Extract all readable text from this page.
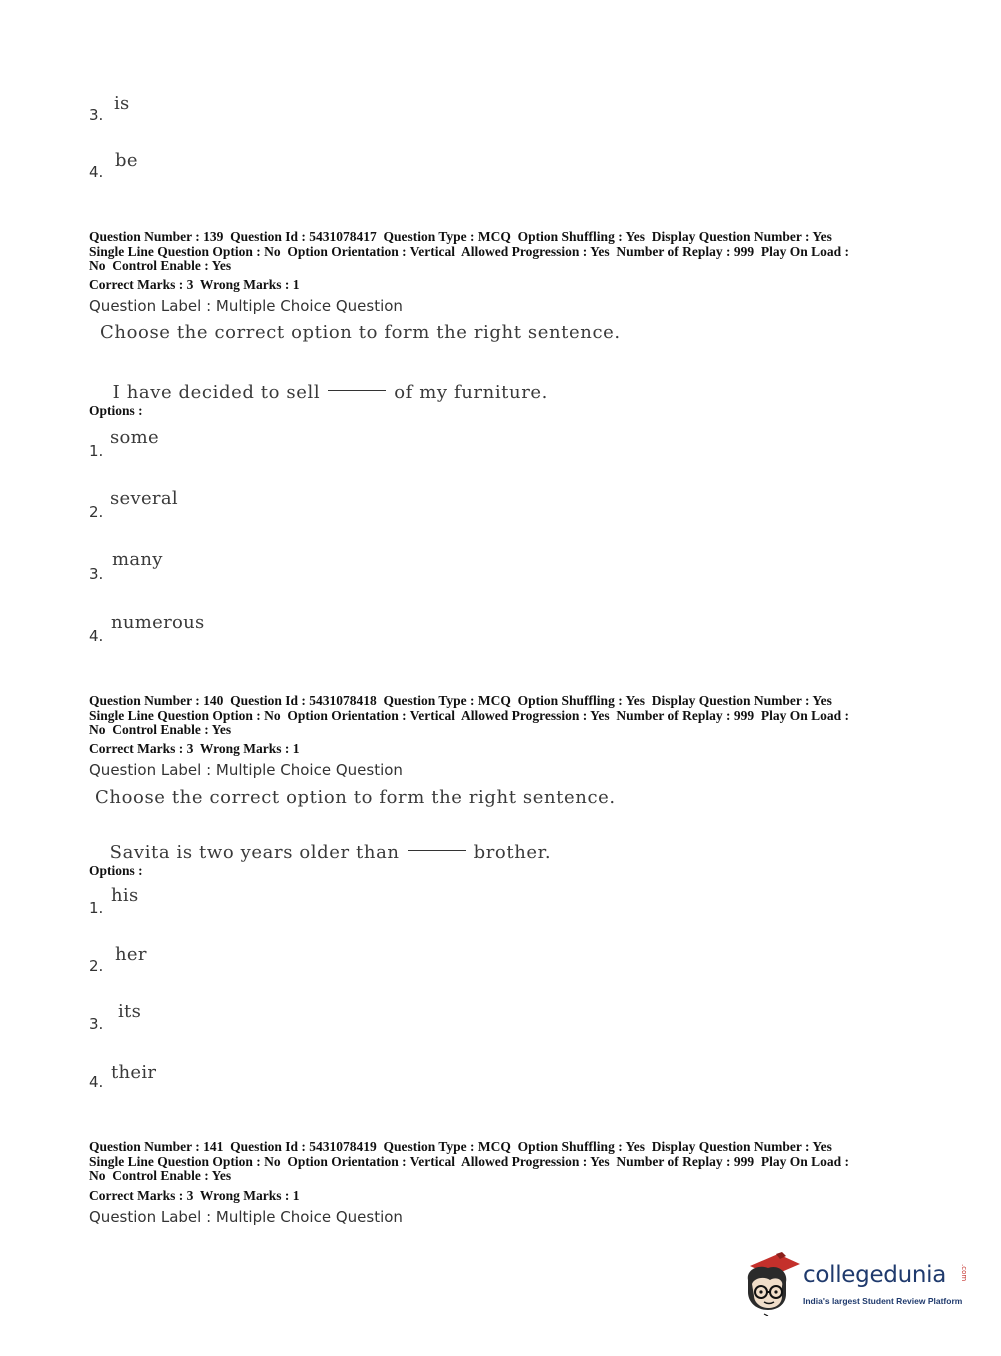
3.
is
4.
be
Question Number : 139  Question Id : 5431078417  Question Type : MCQ  Option Shuffling : Yes  Display Question Number : Yes
Single Line Question Option : No  Option Orientation : Vertical  Allowed Progression : Yes  Number of Replay : 999  Play On Load :
No  Control Enable : Yes
Correct Marks : 3  Wrong Marks : 1
Question Label : Multiple Choice Question
Choose the correct option to form the right sentence.

I have decided to sell	of my furniture.

Options :
1.
some
2.
several
3.
many
4.
numerous
Question Number : 140  Question Id : 5431078418  Question Type : MCQ  Option Shuffling : Yes  Display Question Number : Yes
Single Line Question Option : No  Option Orientation : Vertical  Allowed Progression : Yes  Number of Replay : 999  Play On Load :
No  Control Enable : Yes
Correct Marks : 3  Wrong Marks : 1
Question Label : Multiple Choice Question
Choose the correct option to form the right sentence.

Savita is two years older than	brother.

Options :
1.
his
2.
her
3.
its
4. their
Question Number : 141  Question Id : 5431078419  Question Type : MCQ  Option Shuffling : Yes  Display Question Number : Yes
Single Line Question Option : No  Option Orientation : Vertical  Allowed Progression : Yes  Number of Replay : 999  Play On Load :
No  Control Enable : Yes
Correct Marks : 3  Wrong Marks : 1
Question Label : Multiple Choice Question
collegedunia .com
India's largest Student Review Platform
